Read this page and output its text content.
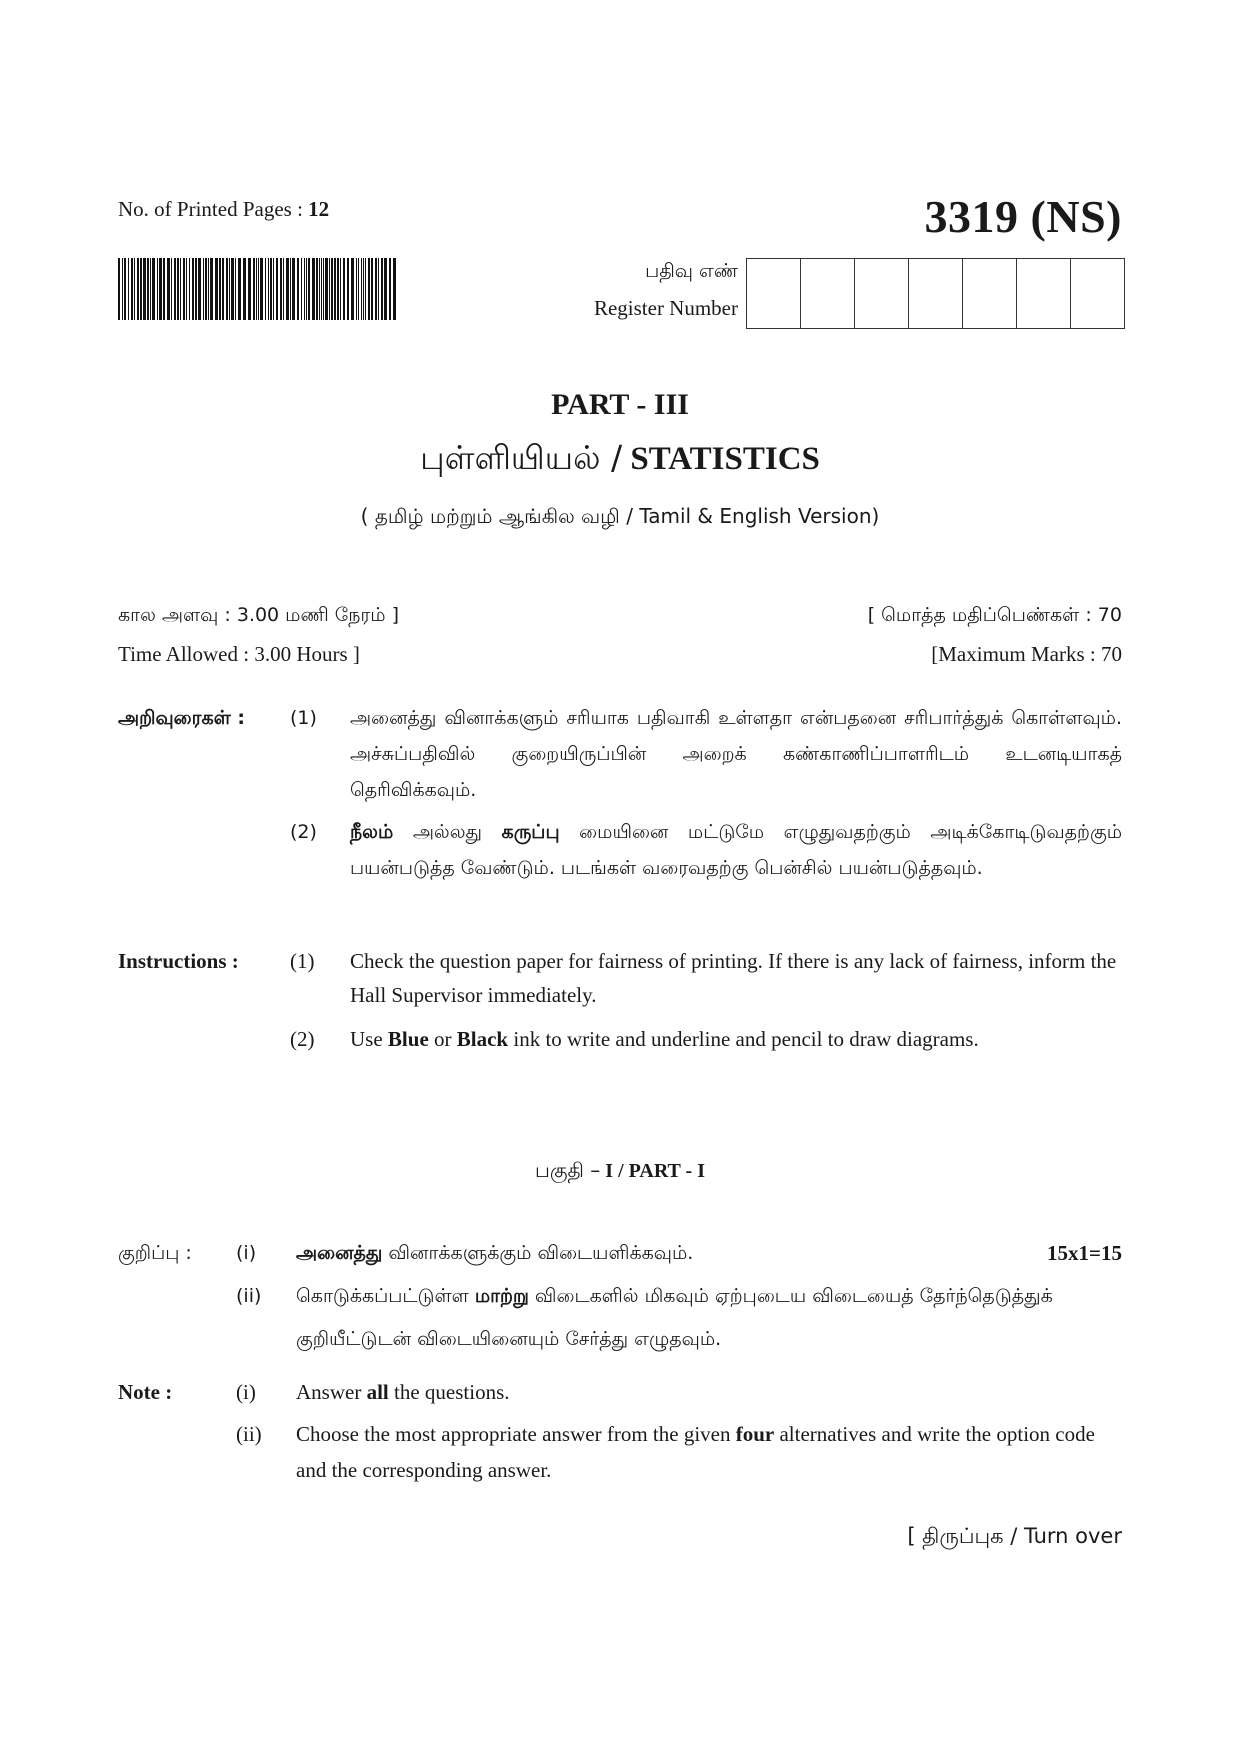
No. of Printed Pages : 12	3319 (NS)
பதிவு எண்
Register Number
PART - III
புள்ளியியல் / STATISTICS
( தமிழ் மற்றும் ஆங்கில வழி / Tamil & English Version)
கால அளவு : 3.00 மணி நேரம் ]
Time Allowed : 3.00 Hours ]
[ மொத்த மதிப்பெண்கள் : 70
[Maximum Marks : 70
அறிவுரைகள் :	(1)	அனைத்து வினாக்களும் சரியாக பதிவாகி உள்ளதா என்பதனை சரிபார்த்துக் கொள்ளவும். அச்சுப்பதிவில் குறையிருப்பின் அறைக் கண்காணிப்பாளரிடம் உடனடியாகத் தெரிவிக்கவும்.
(2)	நீலம் அல்லது கருப்பு மையினை மட்டுமே எழுதுவதற்கும் அடிக்கோடிடுவதற்கும் பயன்படுத்த வேண்டும். படங்கள் வரைவதற்கு பென்சில் பயன்படுத்தவும்.
Instructions :	(1)	Check the question paper for fairness of printing. If there is any lack of fairness, inform the Hall Supervisor immediately.
(2)	Use Blue or Black ink to write and underline and pencil to draw diagrams.
பகுதி – I / PART - I
குறிப்பு :	(i)	அனைத்து வினாக்களுக்கும் விடையளிக்கவும்.	15x1=15
(ii)	கொடுக்கப்பட்டுள்ள மாற்று விடைகளில் மிகவும் ஏற்புடைய விடையைத் தேர்ந்தெடுத்துக் குறியீட்டுடன் விடையினையும் சேர்த்து எழுதவும்.
Note :	(i)	Answer all the questions.
(ii)	Choose the most appropriate answer from the given four alternatives and write the option code and the corresponding answer.
[ திருப்புக / Turn over
